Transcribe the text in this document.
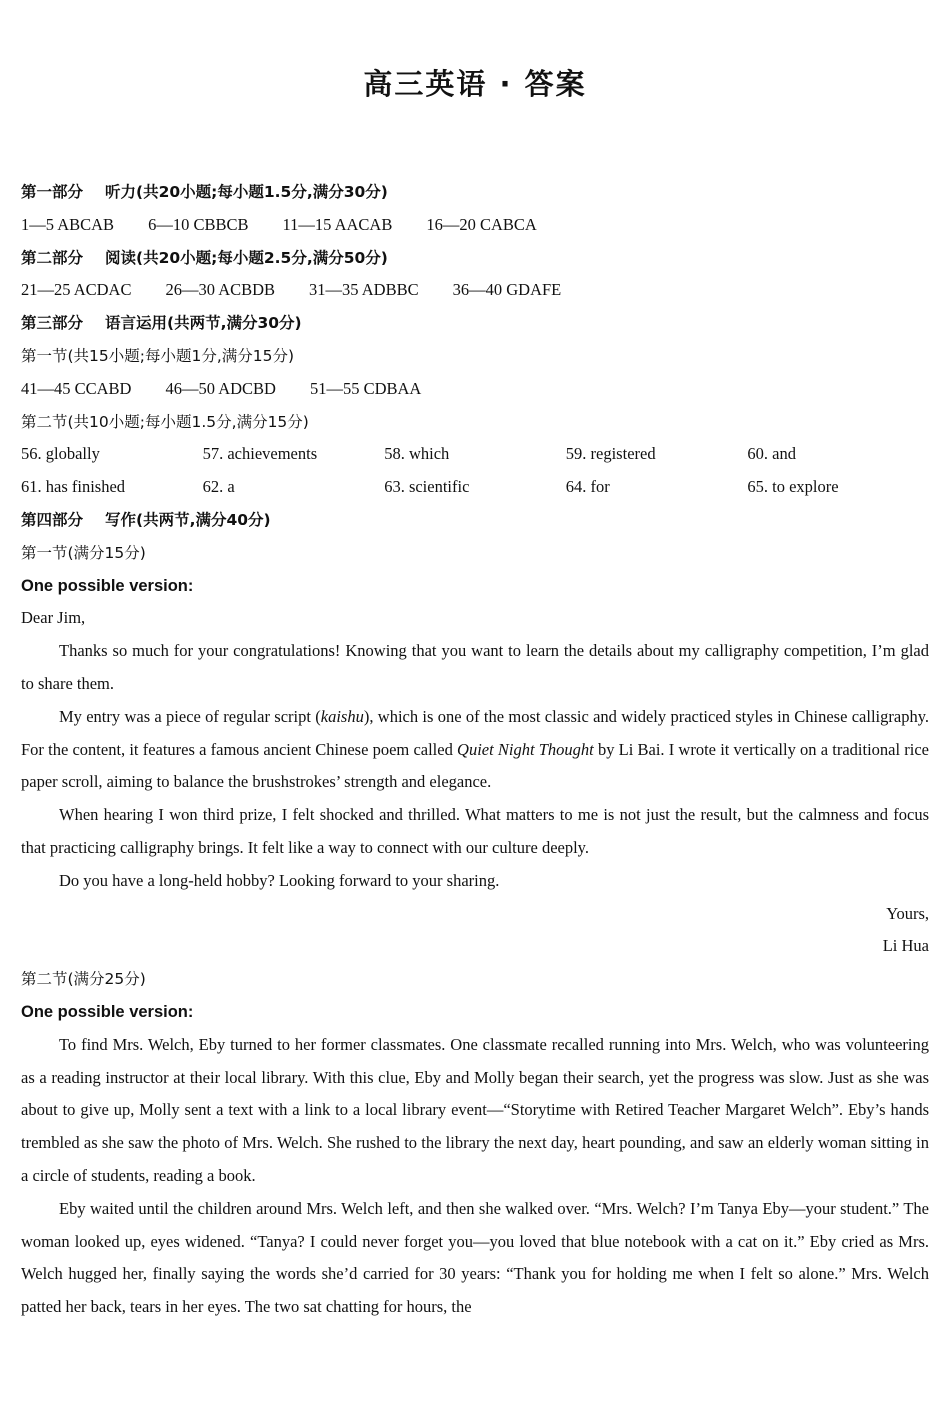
高三英语 · 答案
第一部分 听力(共20小题;每小题1.5分,满分30分)
1—5 ABCAB 6—10 CBBCB 11—15 AACAB 16—20 CABCA
第二部分 阅读(共20小题;每小题2.5分,满分50分)
21—25 ACDAC 26—30 ACBDB 31—35 ADBBC 36—40 GDAFE
第三部分 语言运用(共两节,满分30分)
第一节(共15小题;每小题1分,满分15分)
41—45 CCABD 46—50 ADCBD 51—55 CDBAA
第二节(共10小题;每小题1.5分,满分15分)
56. globally	57. achievements	58. which	59. registered	60. and
61. has finished	62. a	63. scientific	64. for	65. to explore
第四部分 写作(共两节,满分40分)
第一节(满分15分)
One possible version:
Dear Jim,
Thanks so much for your congratulations! Knowing that you want to learn the details about my calligraphy competition, I’m glad to share them.
My entry was a piece of regular script (kaishu), which is one of the most classic and widely practiced styles in Chinese calligraphy. For the content, it features a famous ancient Chinese poem called Quiet Night Thought by Li Bai. I wrote it vertically on a traditional rice paper scroll, aiming to balance the brushstrokes’ strength and elegance.
When hearing I won third prize, I felt shocked and thrilled. What matters to me is not just the result, but the calmness and focus that practicing calligraphy brings. It felt like a way to connect with our culture deeply.
Do you have a long-held hobby? Looking forward to your sharing.
Yours,
Li Hua
第二节(满分25分)
One possible version:
To find Mrs. Welch, Eby turned to her former classmates. One classmate recalled running into Mrs. Welch, who was volunteering as a reading instructor at their local library. With this clue, Eby and Molly began their search, yet the progress was slow. Just as she was about to give up, Molly sent a text with a link to a local library event—“Storytime with Retired Teacher Margaret Welch”. Eby’s hands trembled as she saw the photo of Mrs. Welch. She rushed to the library the next day, heart pounding, and saw an elderly woman sitting in a circle of students, reading a book.
Eby waited until the children around Mrs. Welch left, and then she walked over. “Mrs. Welch? I’m Tanya Eby—your student.” The woman looked up, eyes widened. “Tanya? I could never forget you—you loved that blue notebook with a cat on it.” Eby cried as Mrs. Welch hugged her, finally saying the words she’d carried for 30 years: “Thank you for holding me when I felt so alone.” Mrs. Welch patted her back, tears in her eyes. The two sat chatting for hours, the
